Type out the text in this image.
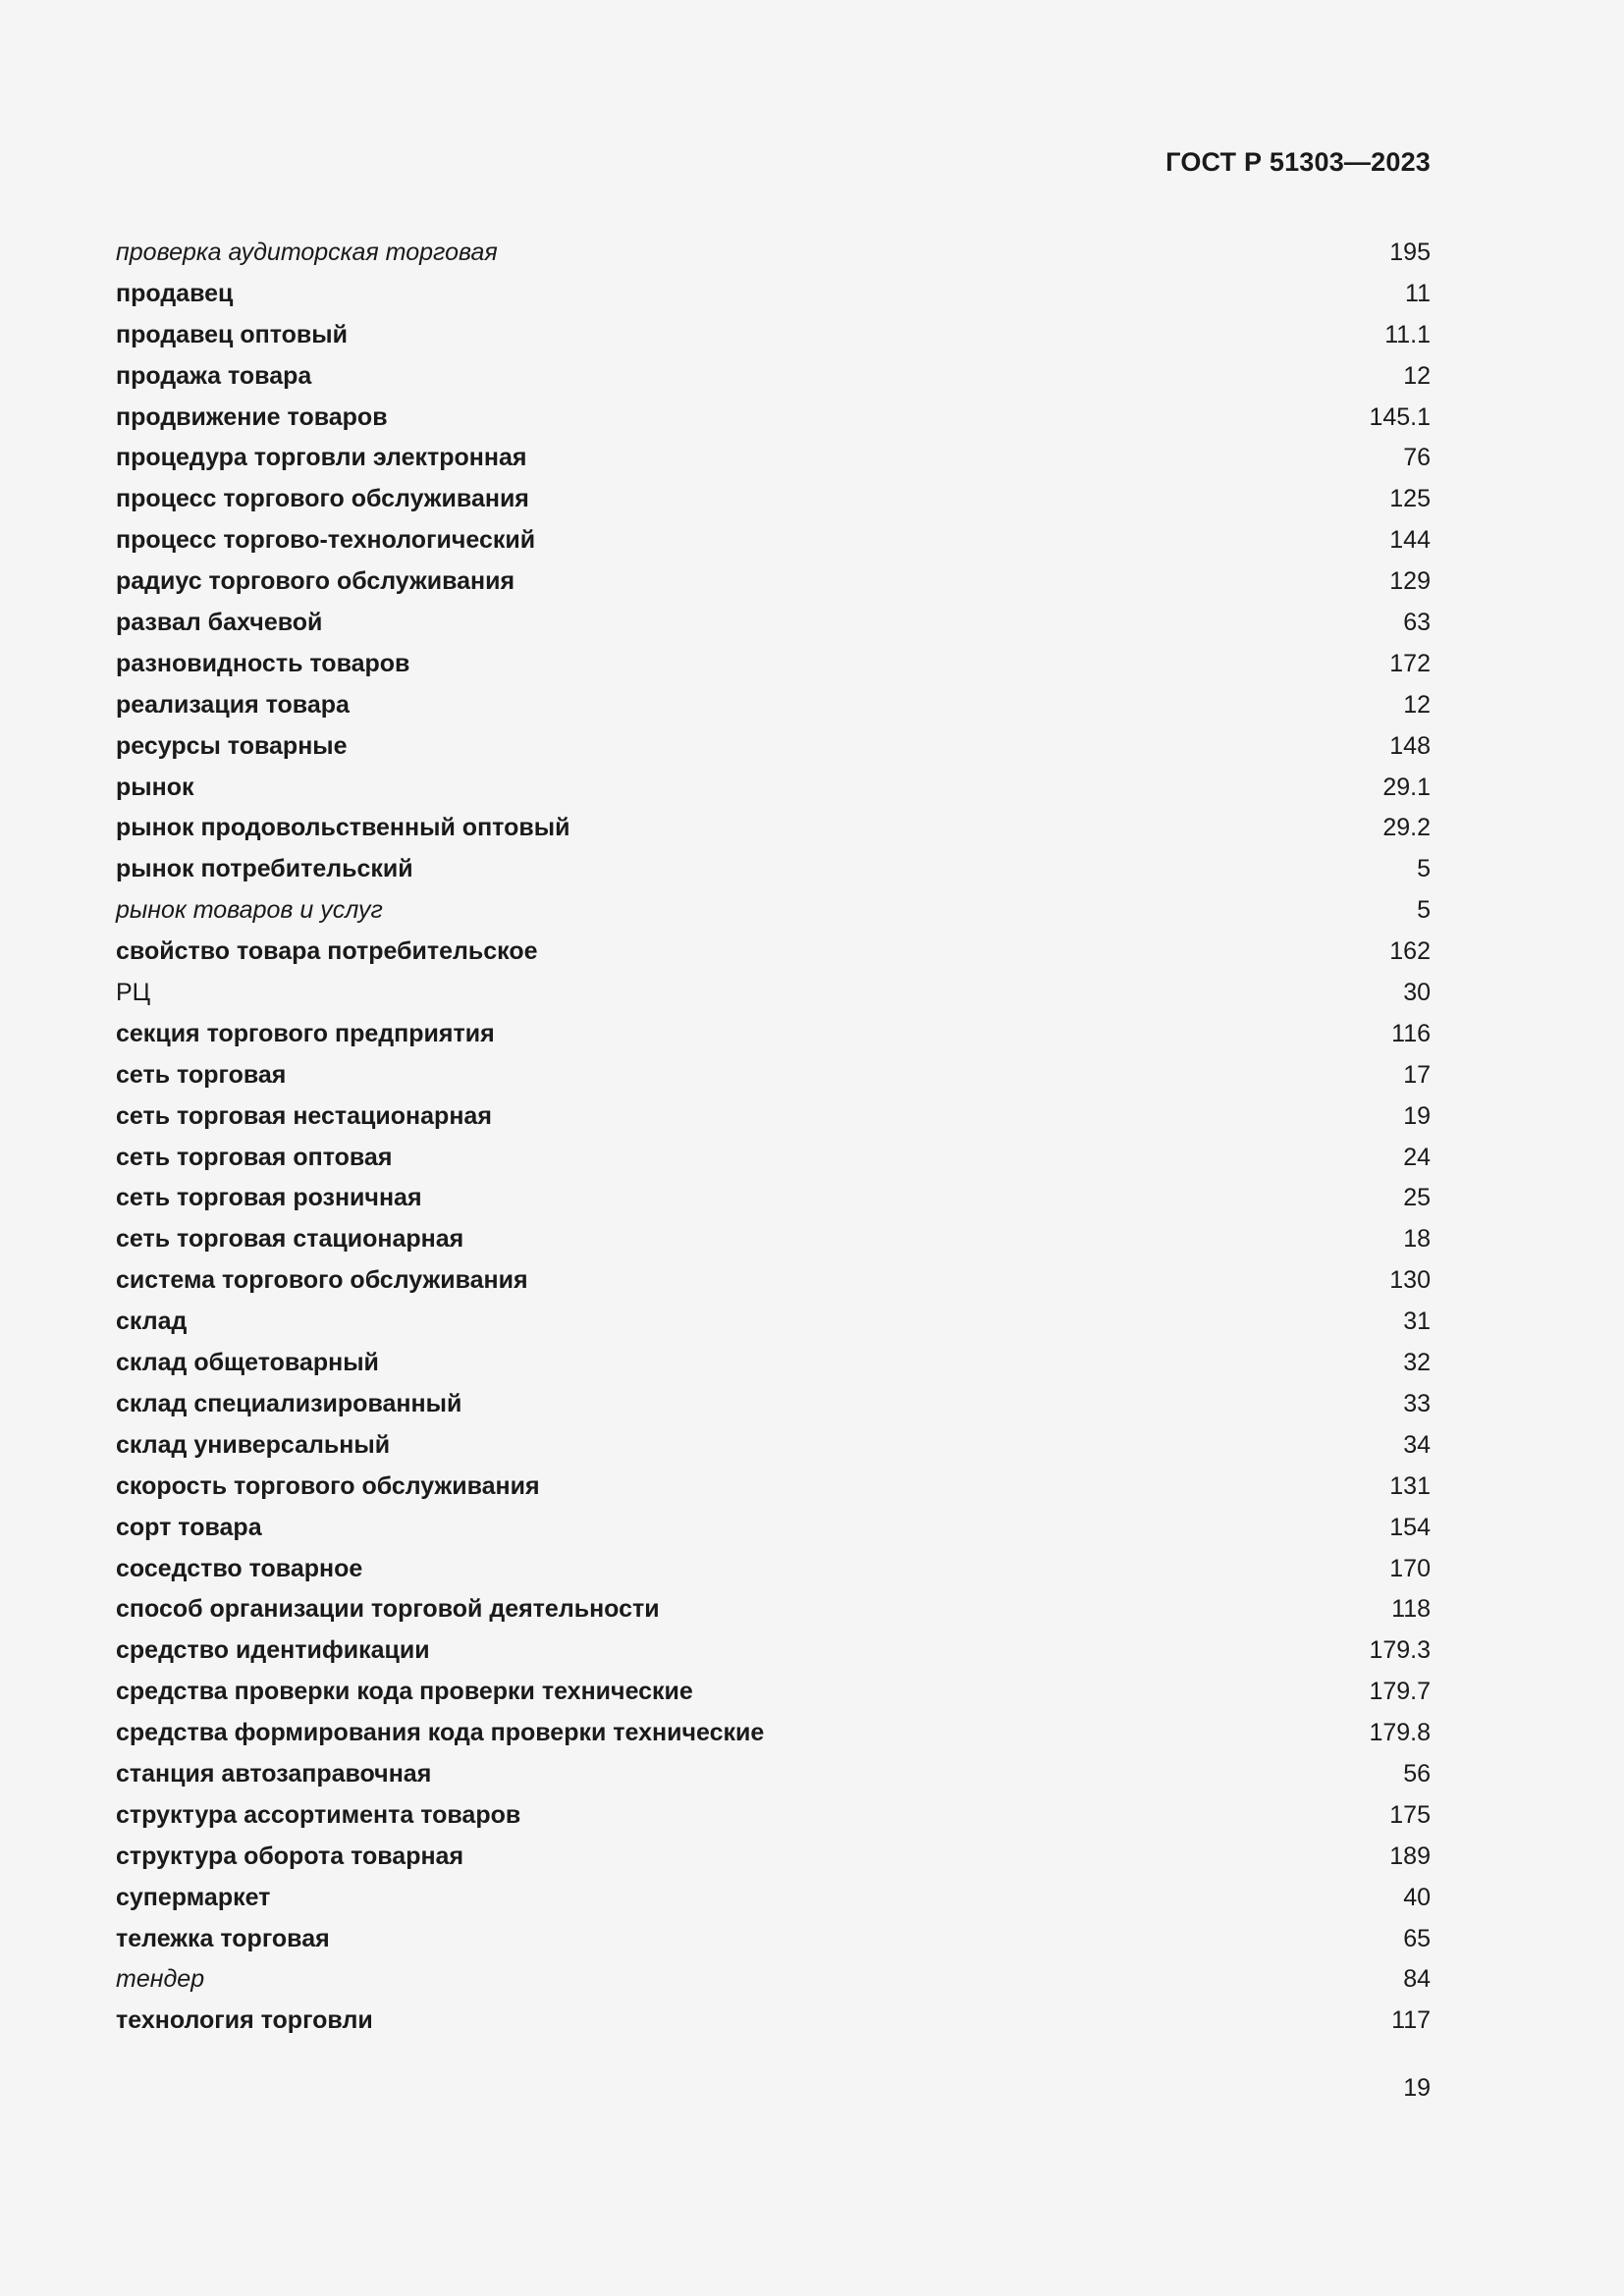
ГОСТ Р 51303—2023
проверка аудиторская торговая	195
продавец	11
продавец оптовый	11.1
продажа товара	12
продвижение товаров	145.1
процедура торговли электронная	76
процесс торгового обслуживания	125
процесс торгово-технологический	144
радиус торгового обслуживания	129
развал бахчевой	63
разновидность товаров	172
реализация товара	12
ресурсы товарные	148
рынок	29.1
рынок продовольственный оптовый	29.2
рынок потребительский	5
рынок товаров и услуг	5
свойство товара потребительское	162
РЦ	30
секция торгового предприятия	116
сеть торговая	17
сеть торговая нестационарная	19
сеть торговая оптовая	24
сеть торговая розничная	25
сеть торговая стационарная	18
система торгового обслуживания	130
склад	31
склад общетоварный	32
склад специализированный	33
склад универсальный	34
скорость торгового обслуживания	131
сорт товара	154
соседство товарное	170
способ организации торговой деятельности	118
средство идентификации	179.3
средства проверки кода проверки технические	179.7
средства формирования кода проверки технические	179.8
станция автозаправочная	56
структура ассортимента товаров	175
структура оборота товарная	189
супермаркет	40
тележка торговая	65
тендер	84
технология торговли	117
19
